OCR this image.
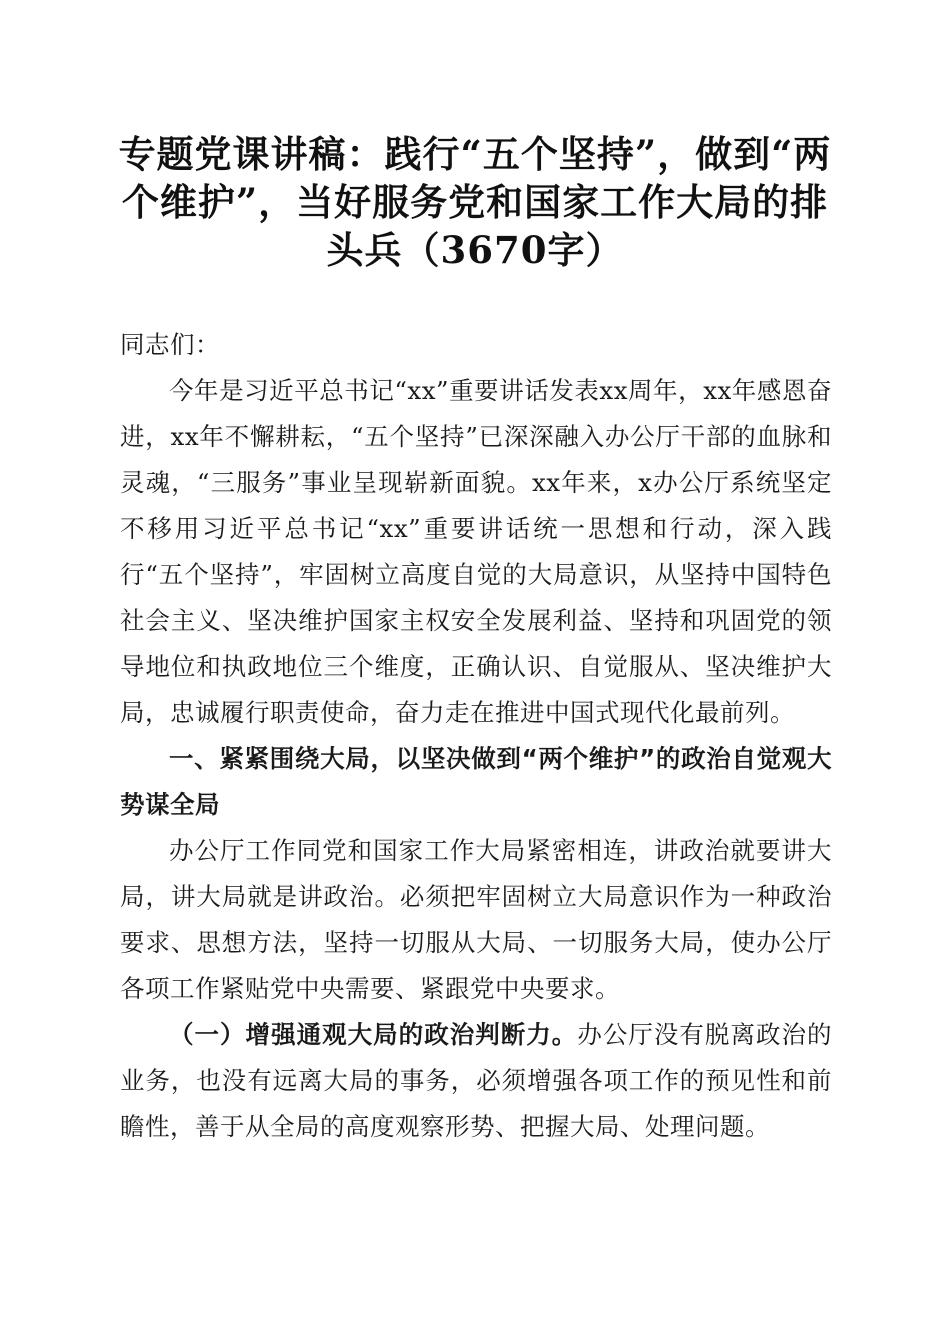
专题党课讲稿：践行“五个坚持”，做到“两个维护”，当好服务党和国家工作大局的排头兵（3670字）

同志们：

今年是习近平总书记“xx”重要讲话发表xx周年，xx年感恩奋进，xx年不懈耕耘，“五个坚持”已深深融入办公厅干部的血脉和灵魂，“三服务”事业呈现崭新面貌。xx年来，x办公厅系统坚定不移用习近平总书记“xx”重要讲话统一思想和行动，深入践行“五个坚持”，牢固树立高度自觉的大局意识，从坚持中国特色社会主义、坚决维护国家主权安全发展利益、坚持和巩固党的领导地位和执政地位三个维度，正确认识、自觉服从、坚决维护大局，忠诚履行职责使命，奋力走在推进中国式现代化最前列。

一、紧紧围绕大局，以坚决做到“两个维护”的政治自觉观大势谋全局

办公厅工作同党和国家工作大局紧密相连，讲政治就要讲大局，讲大局就是讲政治。必须把牢固树立大局意识作为一种政治要求、思想方法，坚持一切服从大局、一切服务大局，使办公厅各项工作紧贴党中央需要、紧跟党中央要求。

（一）增强通观大局的政治判断力。办公厅没有脱离政治的业务，也没有远离大局的事务，必须增强各项工作的预见性和前瞻性，善于从全局的高度观察形势、把握大局、处理问题。
